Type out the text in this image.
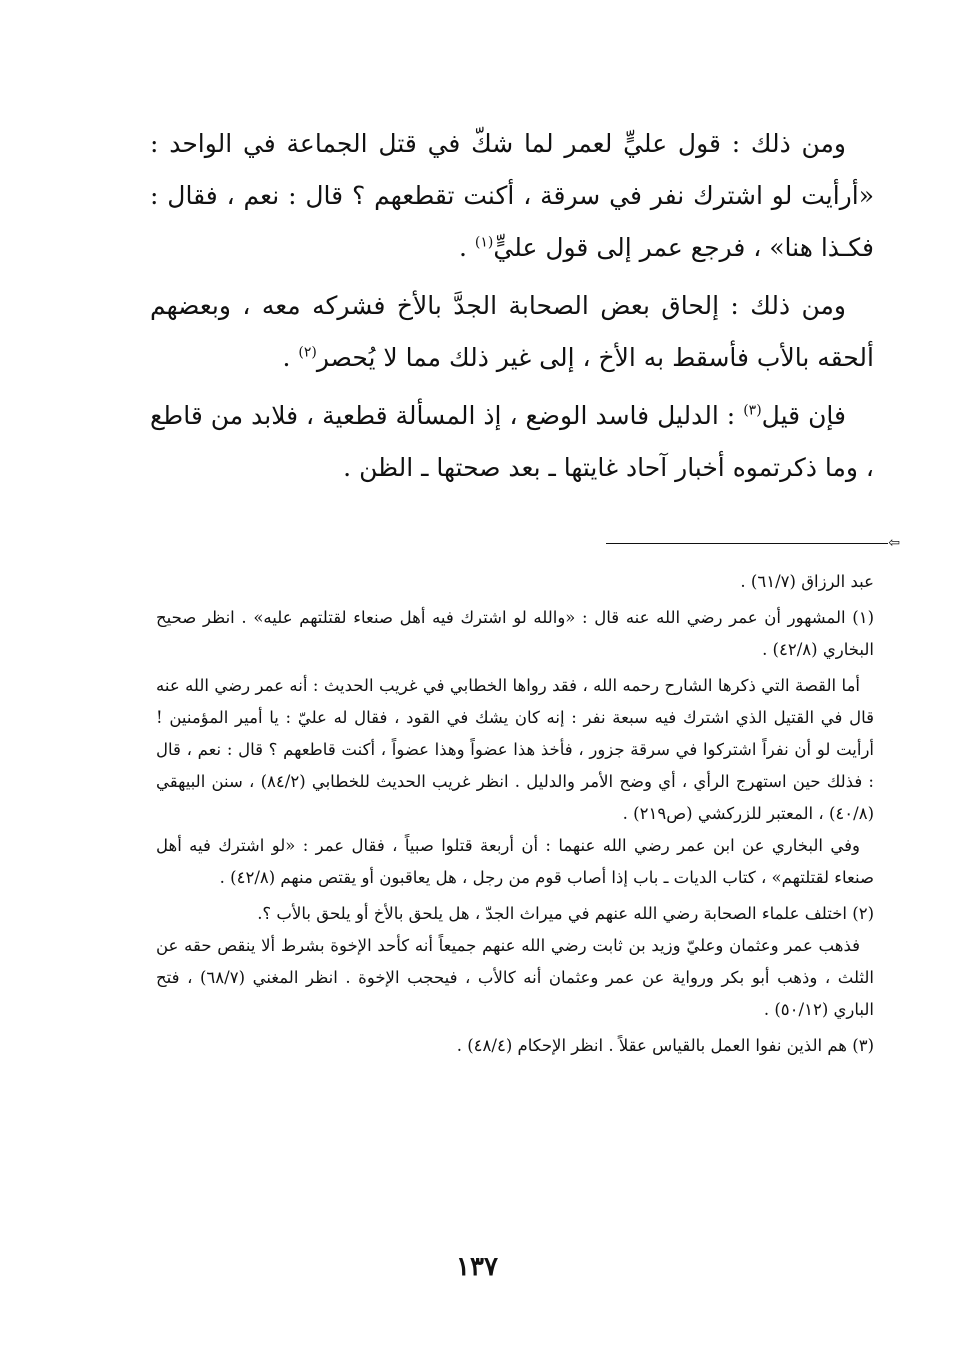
ومن ذلك : قول عليٍّ لعمر لما شكّ في قتل الجماعة في الواحد : «أرأيت لو اشترك نفر في سرقة ، أكنت تقطعهم ؟ قال : نعم ، فقال : فكـذا هنا» ، فرجع عمر إلى قول عليٍّ$^{(١)}$ .

ومن ذلك : إلحاق بعض الصحابة الجدَّ بالأخ فشركه معه ، وبعضهم ألحقه بالأب فأسقط به الأخ ، إلى غير ذلك مما لا يُحصر$^{(٢)}$ .

فإن قيل$^{(٣)}$ : الدليل فاسد الوضع ، إذ المسألة قطعية ، فلابد من قاطع ، وما ذكرتموه أخبار آحاد غايتها ـ بعد صحتها ـ الظن .

⇦

عبد الرزاق (٦١/٧) .

(١) المشهور أن عمر رضي الله عنه قال : «والله لو اشترك فيه أهل صنعاء لقتلتهم عليه» . انظر صحيح البخاري (٤٢/٨) .

أما القصة التي ذكرها الشارح رحمه الله ، فقد رواها الخطابي في غريب الحديث : أنه عمر رضي الله عنه قال في القتيل الذي اشترك فيه سبعة نفر : إنه كان يشك في القود ، فقال له عليّ : يا أمير المؤمنين ! أرأيت لو أن نفراً اشتركوا في سرقة جزور ، فأخذ هذا عضواً وهذا عضواً ، أكنت قاطعهم ؟ قال : نعم ، قال : فذلك حين استهرج الرأي ، أي وضح الأمر والدليل . انظر غريب الحديث للخطابي (٨٤/٢) ، سنن البيهقي (٤٠/٨) ، المعتبر للزركشي (ص٢١٩) .

وفي البخاري عن ابن عمر رضي الله عنهما : أن أربعة قتلوا صبياً ، فقال عمر : «لو اشترك فيه أهل صنعاء لقتلتهم» ، كتاب الديات ـ باب إذا أصاب قوم من رجل ، هل يعاقبون أو يقتص منهم (٤٢/٨) .

(٢) اختلف علماء الصحابة رضي الله عنهم في ميراث الجدّ ، هل يلحق بالأخ أو يلحق بالأب ؟.

فذهب عمر وعثمان وعليّ وزيد بن ثابت رضي الله عنهم جميعاً أنه كأحد الإخوة بشرط ألا ينقص حقه عن الثلث ، وذهب أبو بكر ورواية عن عمر وعثمان أنه كالأب ، فيحجب الإخوة . انظر المغني (٦٨/٧) ، فتح الباري (٥٠/١٢) .

(٣) هم الذين نفوا العمل بالقياس عقلاً . انظر الإحكام (٤٨/٤) .

١٣٧
